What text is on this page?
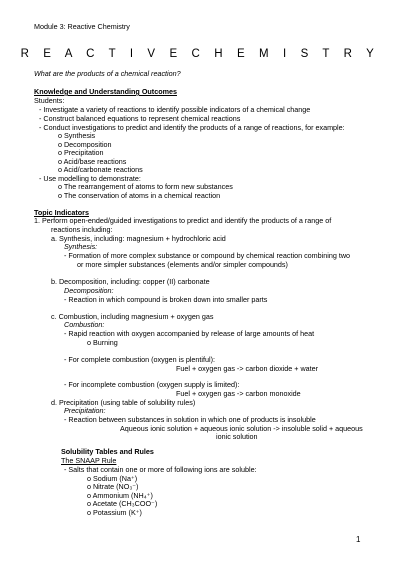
Module 3: Reactive Chemistry
R E A C T I V E C H E M I S T R Y
What are the products of a chemical reaction?
Knowledge and Understanding Outcomes
Students:
- Investigate a variety of reactions to identify possible indicators of a chemical change
- Construct balanced equations to represent chemical reactions
- Conduct investigations to predict and identify the products of a range of reactions, for example:
o Synthesis
o Decomposition
o Precipitation
o Acid/base reactions
o Acid/carbonate reactions
- Use modelling to demonstrate:
o The rearrangement of atoms to form new substances
o The conservation of atoms in a chemical reaction
Topic Indicators
1. Perform open-ended/guided investigations to predict and identify the products of a range of
reactions including:
a. Synthesis, including: magnesium + hydrochloric acid
Synthesis:
- Formation of more complex substance or compound by chemical reaction combining two
or more simpler substances (elements and/or simpler compounds)
b. Decomposition, including: copper (II) carbonate
Decomposition:
- Reaction in which compound is broken down into smaller parts
c. Combustion, including magnesium + oxygen gas
Combustion:
- Rapid reaction with oxygen accompanied by release of large amounts of heat
o Burning
- For complete combustion (oxygen is plentiful):
Fuel + oxygen gas -> carbon dioxide + water
- For incomplete combustion (oxygen supply is limited):
Fuel + oxygen gas -> carbon monoxide
d. Precipitation (using table of solubility rules)
Precipitation:
- Reaction between substances in solution in which one of products is insoluble
Aqueous ionic solution + aqueous ionic solution -> insoluble solid + aqueous
ionic solution
Solubility Tables and Rules
The SNAAP Rule
- Salts that contain one or more of following ions are soluble:
o Sodium (Na⁺)
o Nitrate (NO₃⁻)
o Ammonium (NH₄⁺)
o Acetate (CH₃COO⁻)
o Potassium (K⁺)
1
